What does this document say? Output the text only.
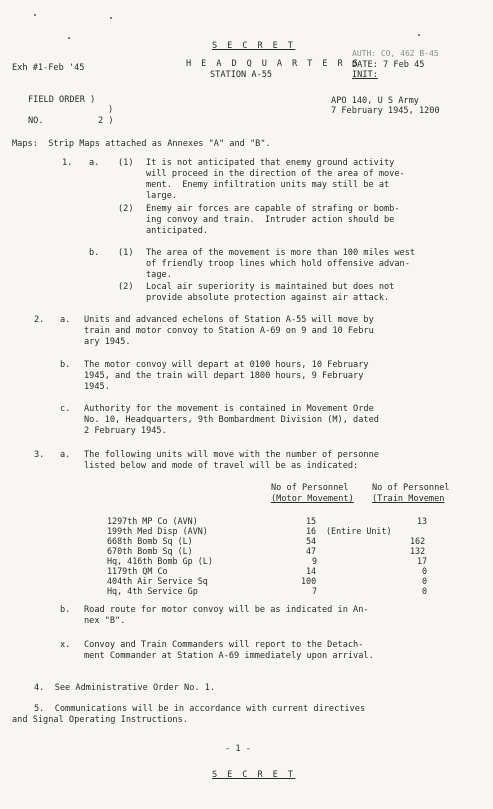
Exh #1-Feb '45
S E C R E T
H E A D Q U A R T E R S
STATION A-55
AUTH: CO, 462 B-45
DATE: 7 Feb 45
INIT:
FIELD ORDER )
)
NO.	2 )
APO 140, U S Army
7 February 1945, 1200
Maps:  Strip Maps attached as Annexes "A" and "B".
1. a. (1) It is not anticipated that enemy ground activity
will proceed in the direction of the area of move-
ment.  Enemy infiltration units may still be at
large.
(2) Enemy air forces are capable of strafing or bomb-
ing convoy and train.  Intruder action should be
anticipated.
b. (1) The area of the movement is more than 100 miles west
of friendly troop lines which hold offensive advan-
tage.
(2) Local air superiority is maintained but does not
provide absolute protection against air attack.
2. a. Units and advanced echelons of Station A-55 will move by
train and motor convoy to Station A-69 on 9 and 10 Febru
ary 1945.
b. The motor convoy will depart at 0100 hours, 10 February
1945, and the train will depart 1800 hours, 9 February
1945.
c. Authority for the movement is contained in Movement Orde
No. 10, Headquarters, 9th Bombardment Division (M), dated
2 February 1945.
3. a. The following units will move with the number of personne
listed below and mode of travel will be as indicated:
No of Personnel
(Motor Movement)
No of Personnel
(Train Movemen
1297th MP Co (AVN)	15	13
199th Med Disp (AVN)	16 (Entire Unit)
668th Bomb Sq (L)	54	162
670th Bomb Sq (L)	47	132
Hq, 416th Bomb Gp (L)	9	17
1179th QM Co	14	0
404th Air Service Sq	100	0
Hq, 4th Service Gp	7	0
b. Road route for motor convoy will be as indicated in An-
nex "B".
x. Convoy and Train Commanders will report to the Detach-
ment Commander at Station A-69 immediately upon arrival.
4.  See Administrative Order No. 1.
5.  Communications will be in accordance with current directives
and Signal Operating Instructions.
- 1 -
S E C R E T
